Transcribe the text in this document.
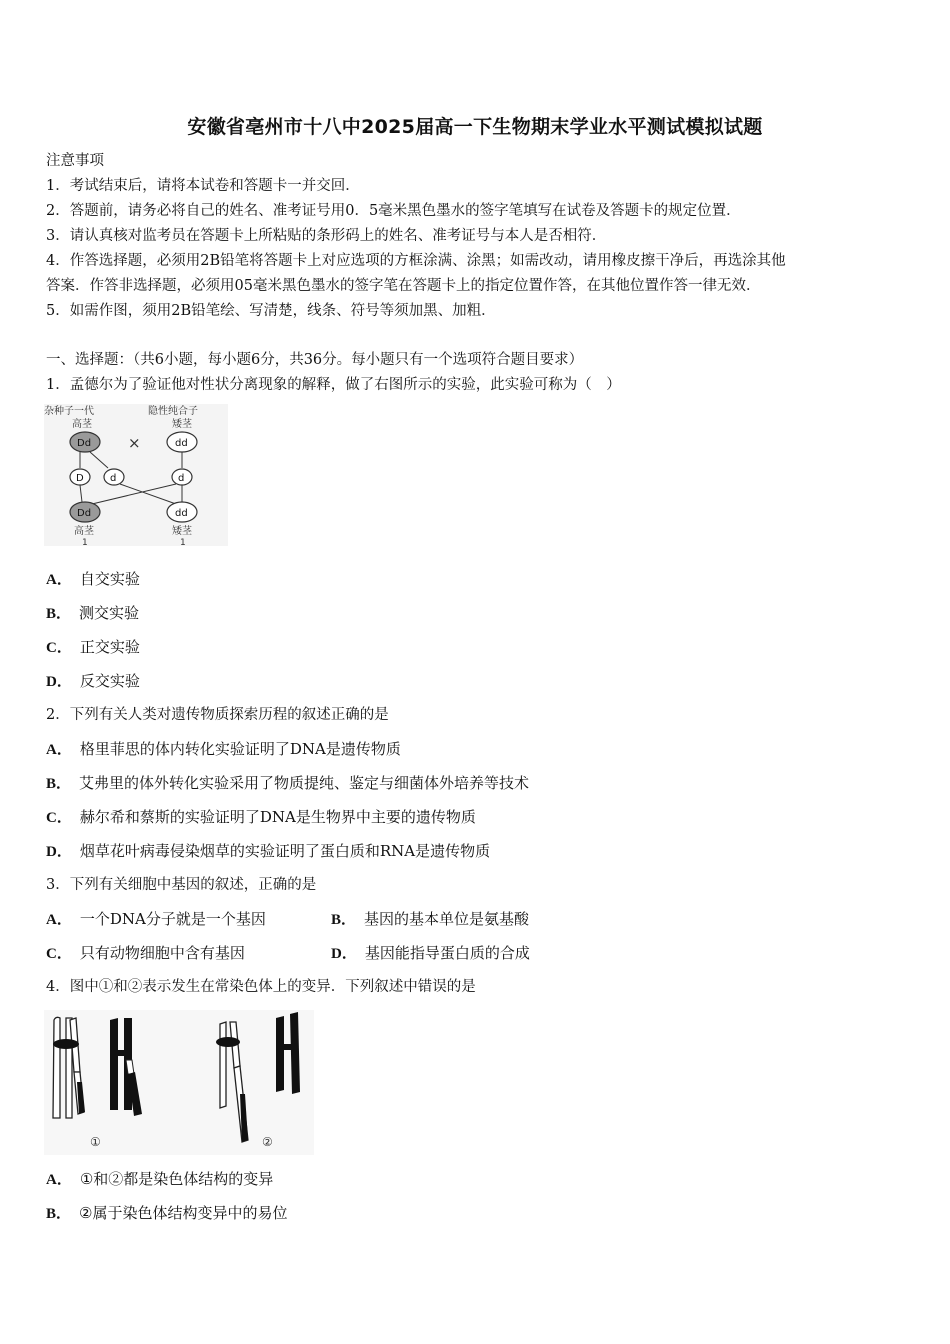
安徽省亳州市十八中2025届高一下生物期末学业水平测试模拟试题
注意事项
1．考试结束后，请将本试卷和答题卡一并交回．
2．答题前，请务必将自己的姓名、准考证号用0．5毫米黑色墨水的签字笔填写在试卷及答题卡的规定位置．
3．请认真核对监考员在答题卡上所粘贴的条形码上的姓名、准考证号与本人是否相符．
4．作答选择题，必须用2B铅笔将答题卡上对应选项的方框涂满、涂黑；如需改动，请用橡皮擦干净后，再选涂其他
答案．作答非选择题，必须用05毫米黑色墨水的签字笔在答题卡上的指定位置作答，在其他位置作答一律无效．
5．如需作图，须用2B铅笔绘、写清楚，线条、符号等须加黑、加粗．
一、选择题：（共6小题，每小题6分，共36分。每小题只有一个选项符合题目要求）
1．孟德尔为了验证他对性状分离现象的解释，做了右图所示的实验，此实验可称为（　）
杂种子一代	隐性纯合子
高茎	矮茎
Dd ×	dd
D	d	d
Dd	dd
高茎	矮茎
1	1
A． 自交实验
B． 测交实验
C． 正交实验
D． 反交实验
2．下列有关人类对遗传物质探索历程的叙述正确的是
A． 格里菲思的体内转化实验证明了DNA是遗传物质
B． 艾弗里的体外转化实验采用了物质提纯、鉴定与细菌体外培养等技术
C． 赫尔希和蔡斯的实验证明了DNA是生物界中主要的遗传物质
D． 烟草花叶病毒侵染烟草的实验证明了蛋白质和RNA是遗传物质
3．下列有关细胞中基因的叙述，正确的是
A． 一个DNA分子就是一个基因	B． 基因的基本单位是氨基酸
C． 只有动物细胞中含有基因	D． 基因能指导蛋白质的合成
4．图中①和②表示发生在常染色体上的变异．下列叙述中错误的是
①	②
A． ①和②都是染色体结构的变异
B． ②属于染色体结构变异中的易位
